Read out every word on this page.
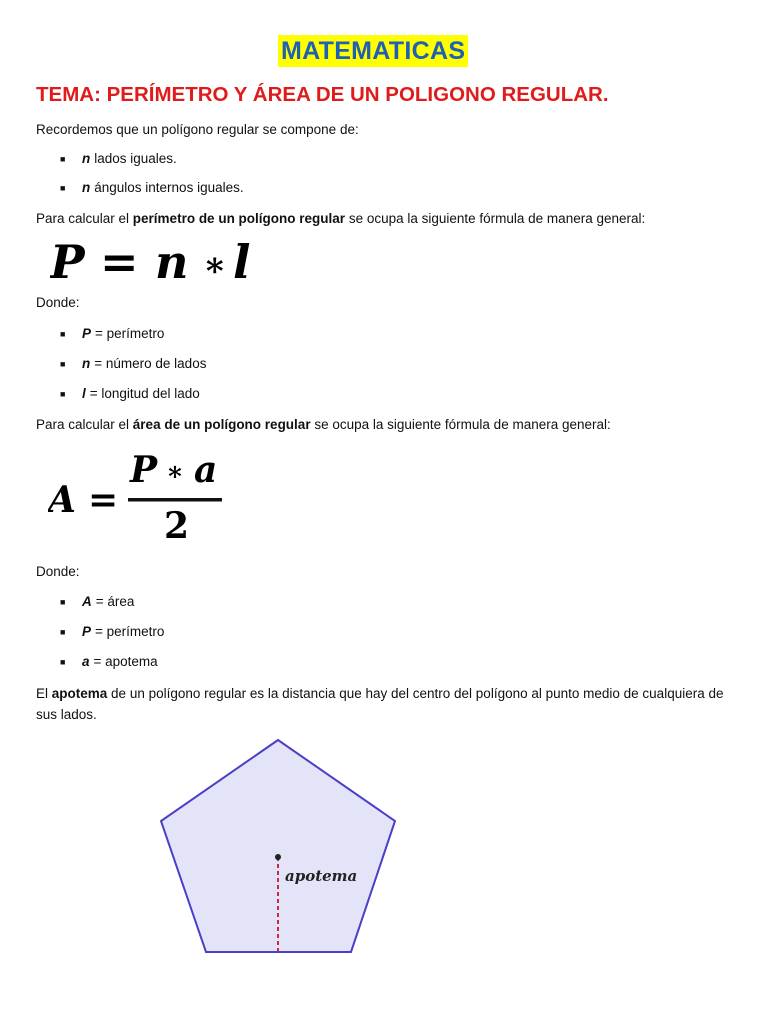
MATEMATICAS
TEMA: PERÍMETRO Y ÁREA DE UN POLIGONO REGULAR.
Recordemos que un polígono regular se compone de:
■	n lados iguales.
■	n ángulos internos iguales.
Para calcular el perímetro de un polígono regular se ocupa la siguiente fórmula de manera general:
P = n ∗ l
Donde:
■	P = perímetro
■	n = número de lados
■	l = longitud del lado
Para calcular el área de un polígono regular se ocupa la siguiente fórmula de manera general:
A =
P ∗ a
2
Donde:
■	A = área
■	P = perímetro
■	a = apotema
El apotema de un polígono regular es la distancia que hay del centro del polígono al punto medio de cualquiera de sus lados.
apotema
